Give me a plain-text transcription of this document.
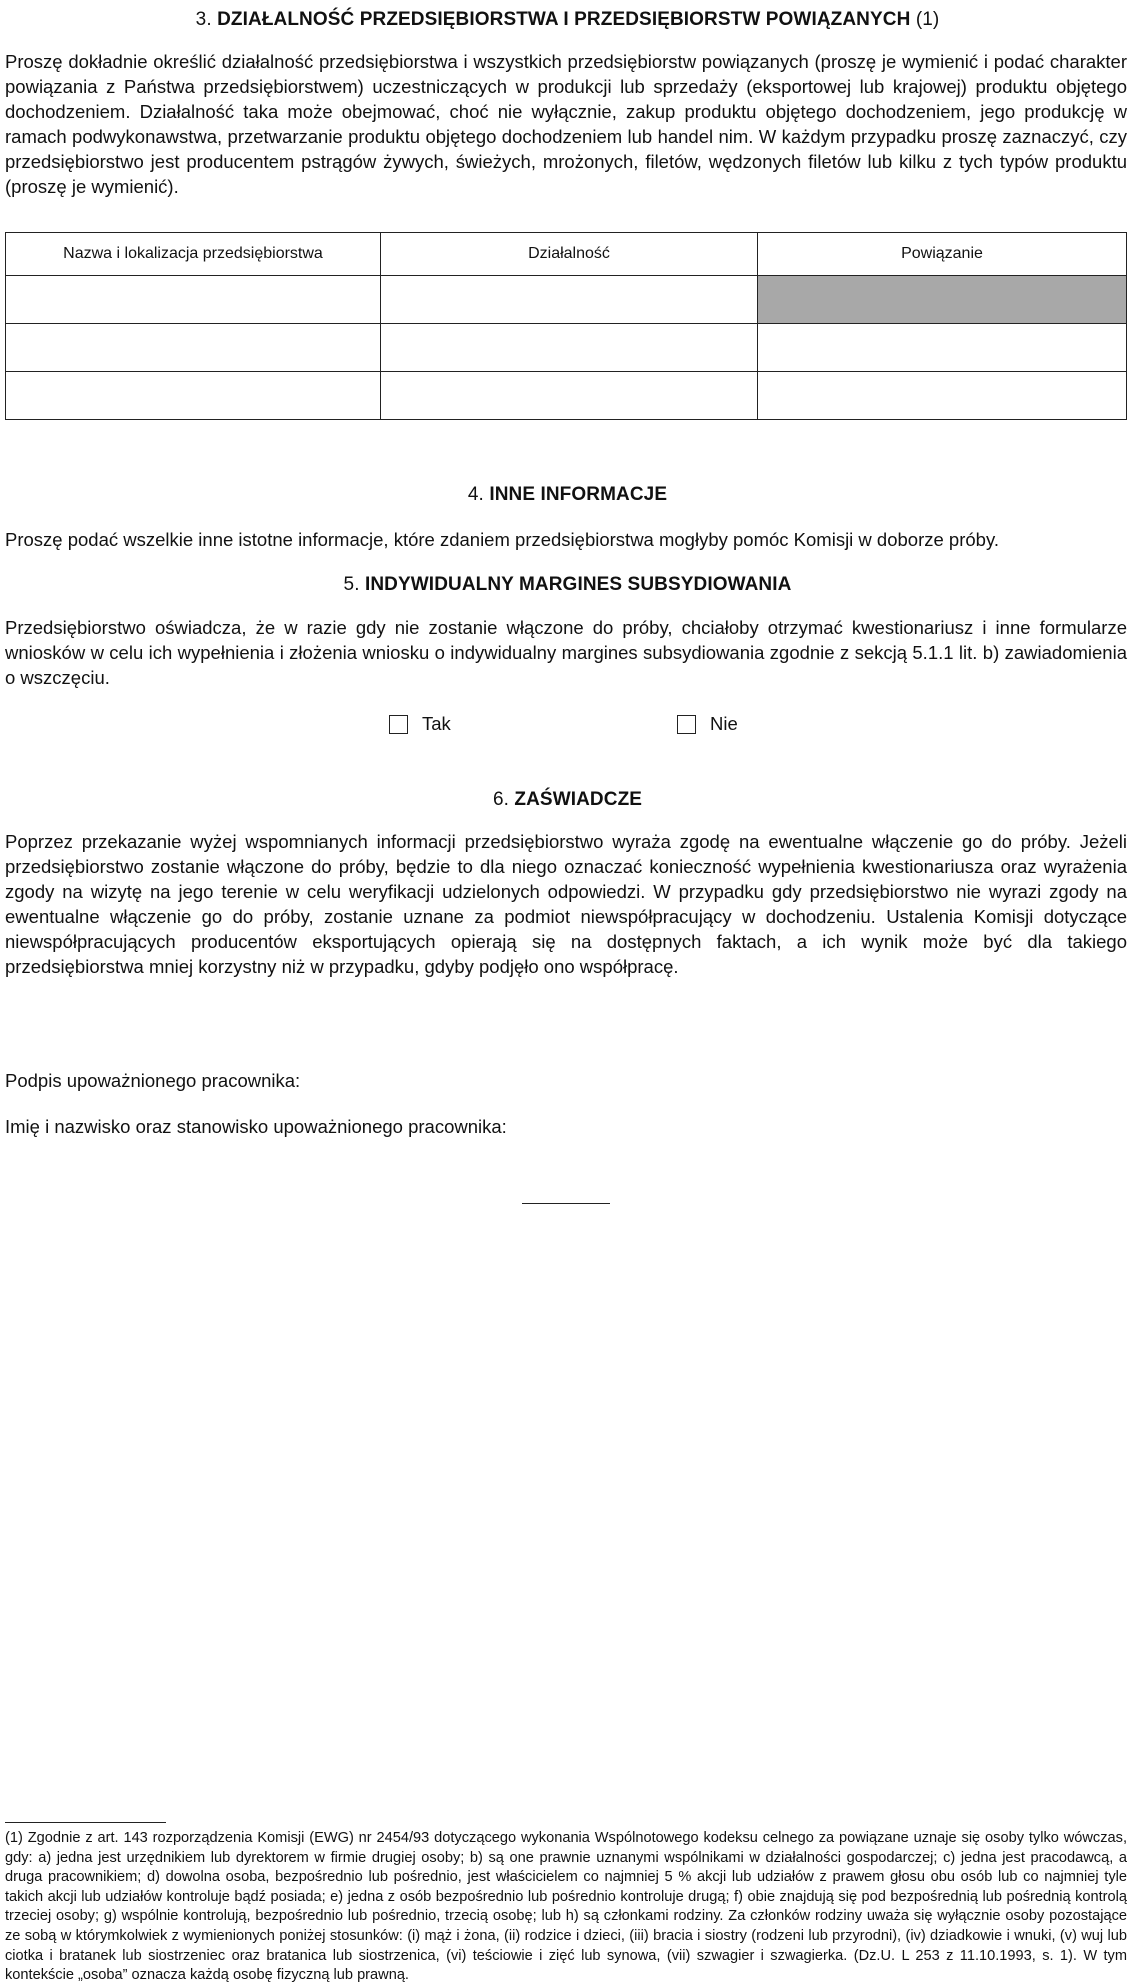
3. DZIAŁALNOŚĆ PRZEDSIĘBIORSTWA I PRZEDSIĘBIORSTW POWIĄZANYCH (1)
Proszę dokładnie określić działalność przedsiębiorstwa i wszystkich przedsiębiorstw powiązanych (proszę je wymienić i podać charakter powiązania z Państwa przedsiębiorstwem) uczestniczących w produkcji lub sprzedaży (eksportowej lub krajowej) produktu objętego dochodzeniem. Działalność taka może obejmować, choć nie wyłącznie, zakup produktu objętego dochodzeniem, jego produkcję w ramach podwykonawstwa, przetwarzanie produktu objętego dochodzeniem lub handel nim. W każdym przypadku proszę zaznaczyć, czy przedsiębiorstwo jest producentem pstrągów żywych, świeżych, mrożonych, filetów, wędzonych filetów lub kilku z tych typów produktu (proszę je wymienić).
Nazwa i lokalizacja przedsiębiorstwa	Działalność	Powiązanie

4. INNE INFORMACJE
Proszę podać wszelkie inne istotne informacje, które zdaniem przedsiębiorstwa mogłyby pomóc Komisji w doborze próby.
5. INDYWIDUALNY MARGINES SUBSYDIOWANIA
Przedsiębiorstwo oświadcza, że w razie gdy nie zostanie włączone do próby, chciałoby otrzymać kwestionariusz i inne formularze wniosków w celu ich wypełnienia i złożenia wniosku o indywidualny margines subsydiowania zgodnie z sekcją 5.1.1 lit. b) zawiadomienia o wszczęciu.
Tak	Nie
6. ZAŚWIADCZE
Poprzez przekazanie wyżej wspomnianych informacji przedsiębiorstwo wyraża zgodę na ewentualne włączenie go do próby. Jeżeli przedsiębiorstwo zostanie włączone do próby, będzie to dla niego oznaczać konieczność wypełnienia kwestionariusza oraz wyrażenia zgody na wizytę na jego terenie w celu weryfikacji udzielonych odpowiedzi. W przypadku gdy przedsiębiorstwo nie wyrazi zgody na ewentualne włączenie go do próby, zostanie uznane za podmiot niewspółpracujący w dochodzeniu. Ustalenia Komisji dotyczące niewspółpracujących producentów eksportujących opierają się na dostępnych faktach, a ich wynik może być dla takiego przedsiębiorstwa mniej korzystny niż w przypadku, gdyby podjęło ono współpracę.
Podpis upoważnionego pracownika:
Imię i nazwisko oraz stanowisko upoważnionego pracownika:
(1) Zgodnie z art. 143 rozporządzenia Komisji (EWG) nr 2454/93 dotyczącego wykonania Wspólnotowego kodeksu celnego za powiązane uznaje się osoby tylko wówczas, gdy: a) jedna jest urzędnikiem lub dyrektorem w firmie drugiej osoby; b) są one prawnie uznanymi wspólnikami w działalności gospodarczej; c) jedna jest pracodawcą, a druga pracownikiem; d) dowolna osoba, bezpośrednio lub pośrednio, jest właścicielem co najmniej 5 % akcji lub udziałów z prawem głosu obu osób lub co najmniej tyle takich akcji lub udziałów kontroluje bądź posiada; e) jedna z osób bezpośrednio lub pośrednio kontroluje drugą; f) obie znajdują się pod bezpośrednią lub pośrednią kontrolą trzeciej osoby; g) wspólnie kontrolują, bezpośrednio lub pośrednio, trzecią osobę; lub h) są członkami rodziny. Za członków rodziny uważa się wyłącznie osoby pozostające ze sobą w którymkolwiek z wymienionych poniżej stosunków: (i) mąż i żona, (ii) rodzice i dzieci, (iii) bracia i siostry (rodzeni lub przyrodni), (iv) dziadkowie i wnuki, (v) wuj lub ciotka i bratanek lub siostrzeniec oraz bratanica lub siostrzenica, (vi) teściowie i zięć lub synowa, (vii) szwagier i szwagierka. (Dz.U. L 253 z 11.10.1993, s. 1). W tym kontekście „osoba” oznacza każdą osobę fizyczną lub prawną.
